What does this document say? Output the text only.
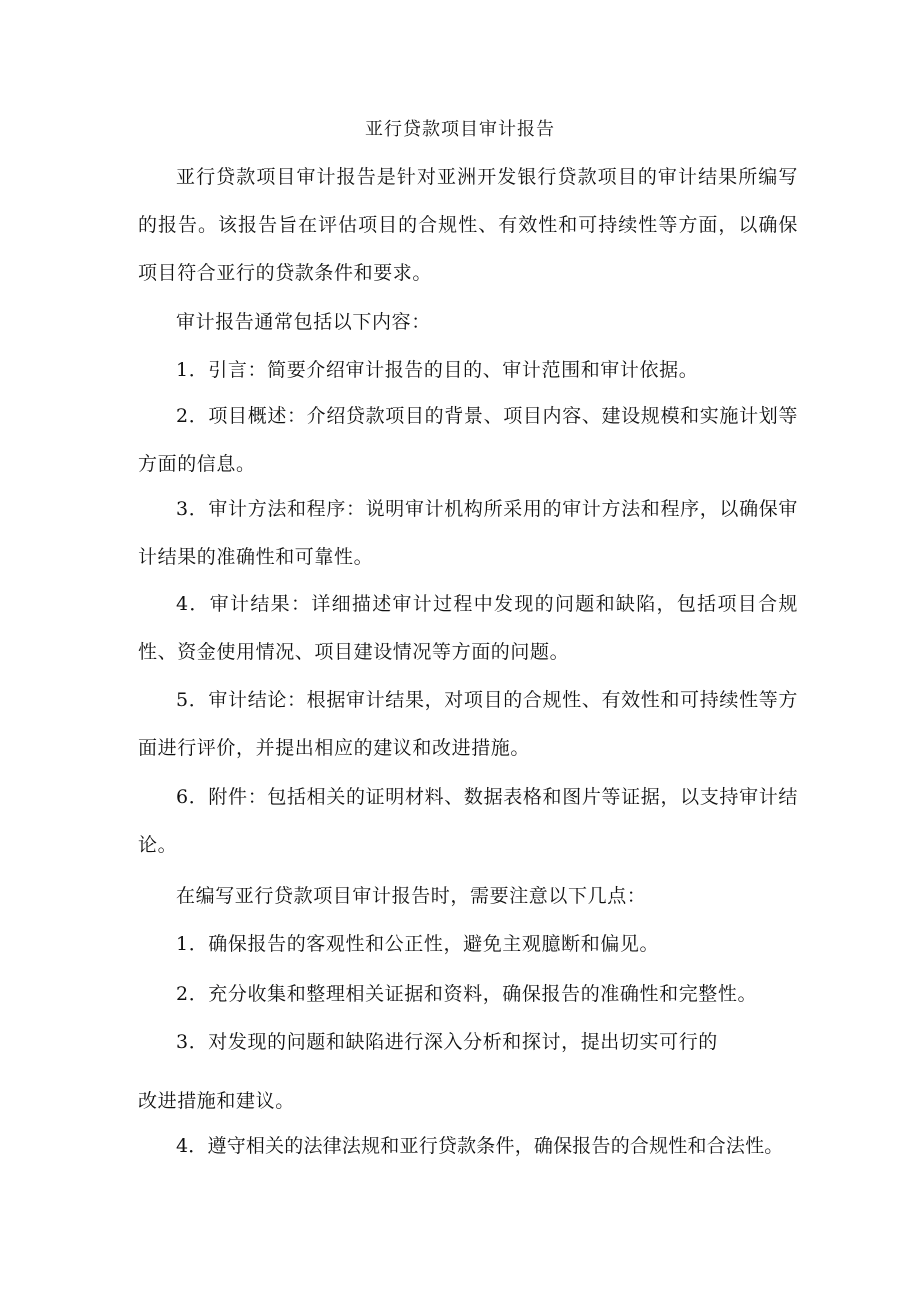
亚行贷款项目审计报告

亚行贷款项目审计报告是针对亚洲开发银行贷款项目的审计结果所编写的报告。该报告旨在评估项目的合规性、有效性和可持续性等方面，以确保项目符合亚行的贷款条件和要求。

审计报告通常包括以下内容：

1．引言：简要介绍审计报告的目的、审计范围和审计依据。

2．项目概述：介绍贷款项目的背景、项目内容、建设规模和实施计划等方面的信息。

3．审计方法和程序：说明审计机构所采用的审计方法和程序，以确保审计结果的准确性和可靠性。

4．审计结果：详细描述审计过程中发现的问题和缺陷，包括项目合规性、资金使用情况、项目建设情况等方面的问题。

5．审计结论：根据审计结果，对项目的合规性、有效性和可持续性等方面进行评价，并提出相应的建议和改进措施。

6．附件：包括相关的证明材料、数据表格和图片等证据，以支持审计结论。

在编写亚行贷款项目审计报告时，需要注意以下几点：

1．确保报告的客观性和公正性，避免主观臆断和偏见。

2．充分收集和整理相关证据和资料，确保报告的准确性和完整性。

3．对发现的问题和缺陷进行深入分析和探讨，提出切实可行的

改进措施和建议。

4．遵守相关的法律法规和亚行贷款条件，确保报告的合规性和合法性。
